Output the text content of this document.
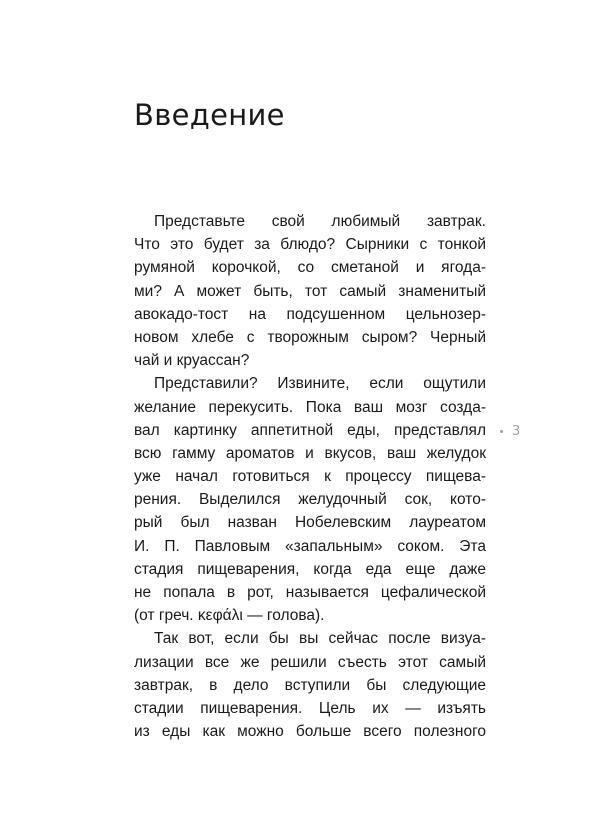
Введение
Представьте свой любимый завтрак.
Что это будет за блюдо? Сырники с тонкой
румяной корочкой, со сметаной и ягода-
ми? А может быть, тот самый знаменитый
авокадо-тост на подсушенном цельнозер-
новом хлебе с творожным сыром? Черный
чай и круассан?
Представили? Извините, если ощутили
желание перекусить. Пока ваш мозг созда-
вал картинку аппетитной еды, представлял
всю гамму ароматов и вкусов, ваш желудок
уже начал готовиться к процессу пищева-
рения. Выделился желудочный сок, кото-
рый был назван Нобелевским лауреатом
И. П. Павловым «запальным» соком. Эта
стадия пищеварения, когда еда еще даже
не попала в рот, называется цефалической
(от греч. κεφάλι — голова).
Так вот, если бы вы сейчас после визуа-
лизации все же решили съесть этот самый
завтрак, в дело вступили бы следующие
стадии пищеварения. Цель их — изъять
из еды как можно больше всего полезного
3
